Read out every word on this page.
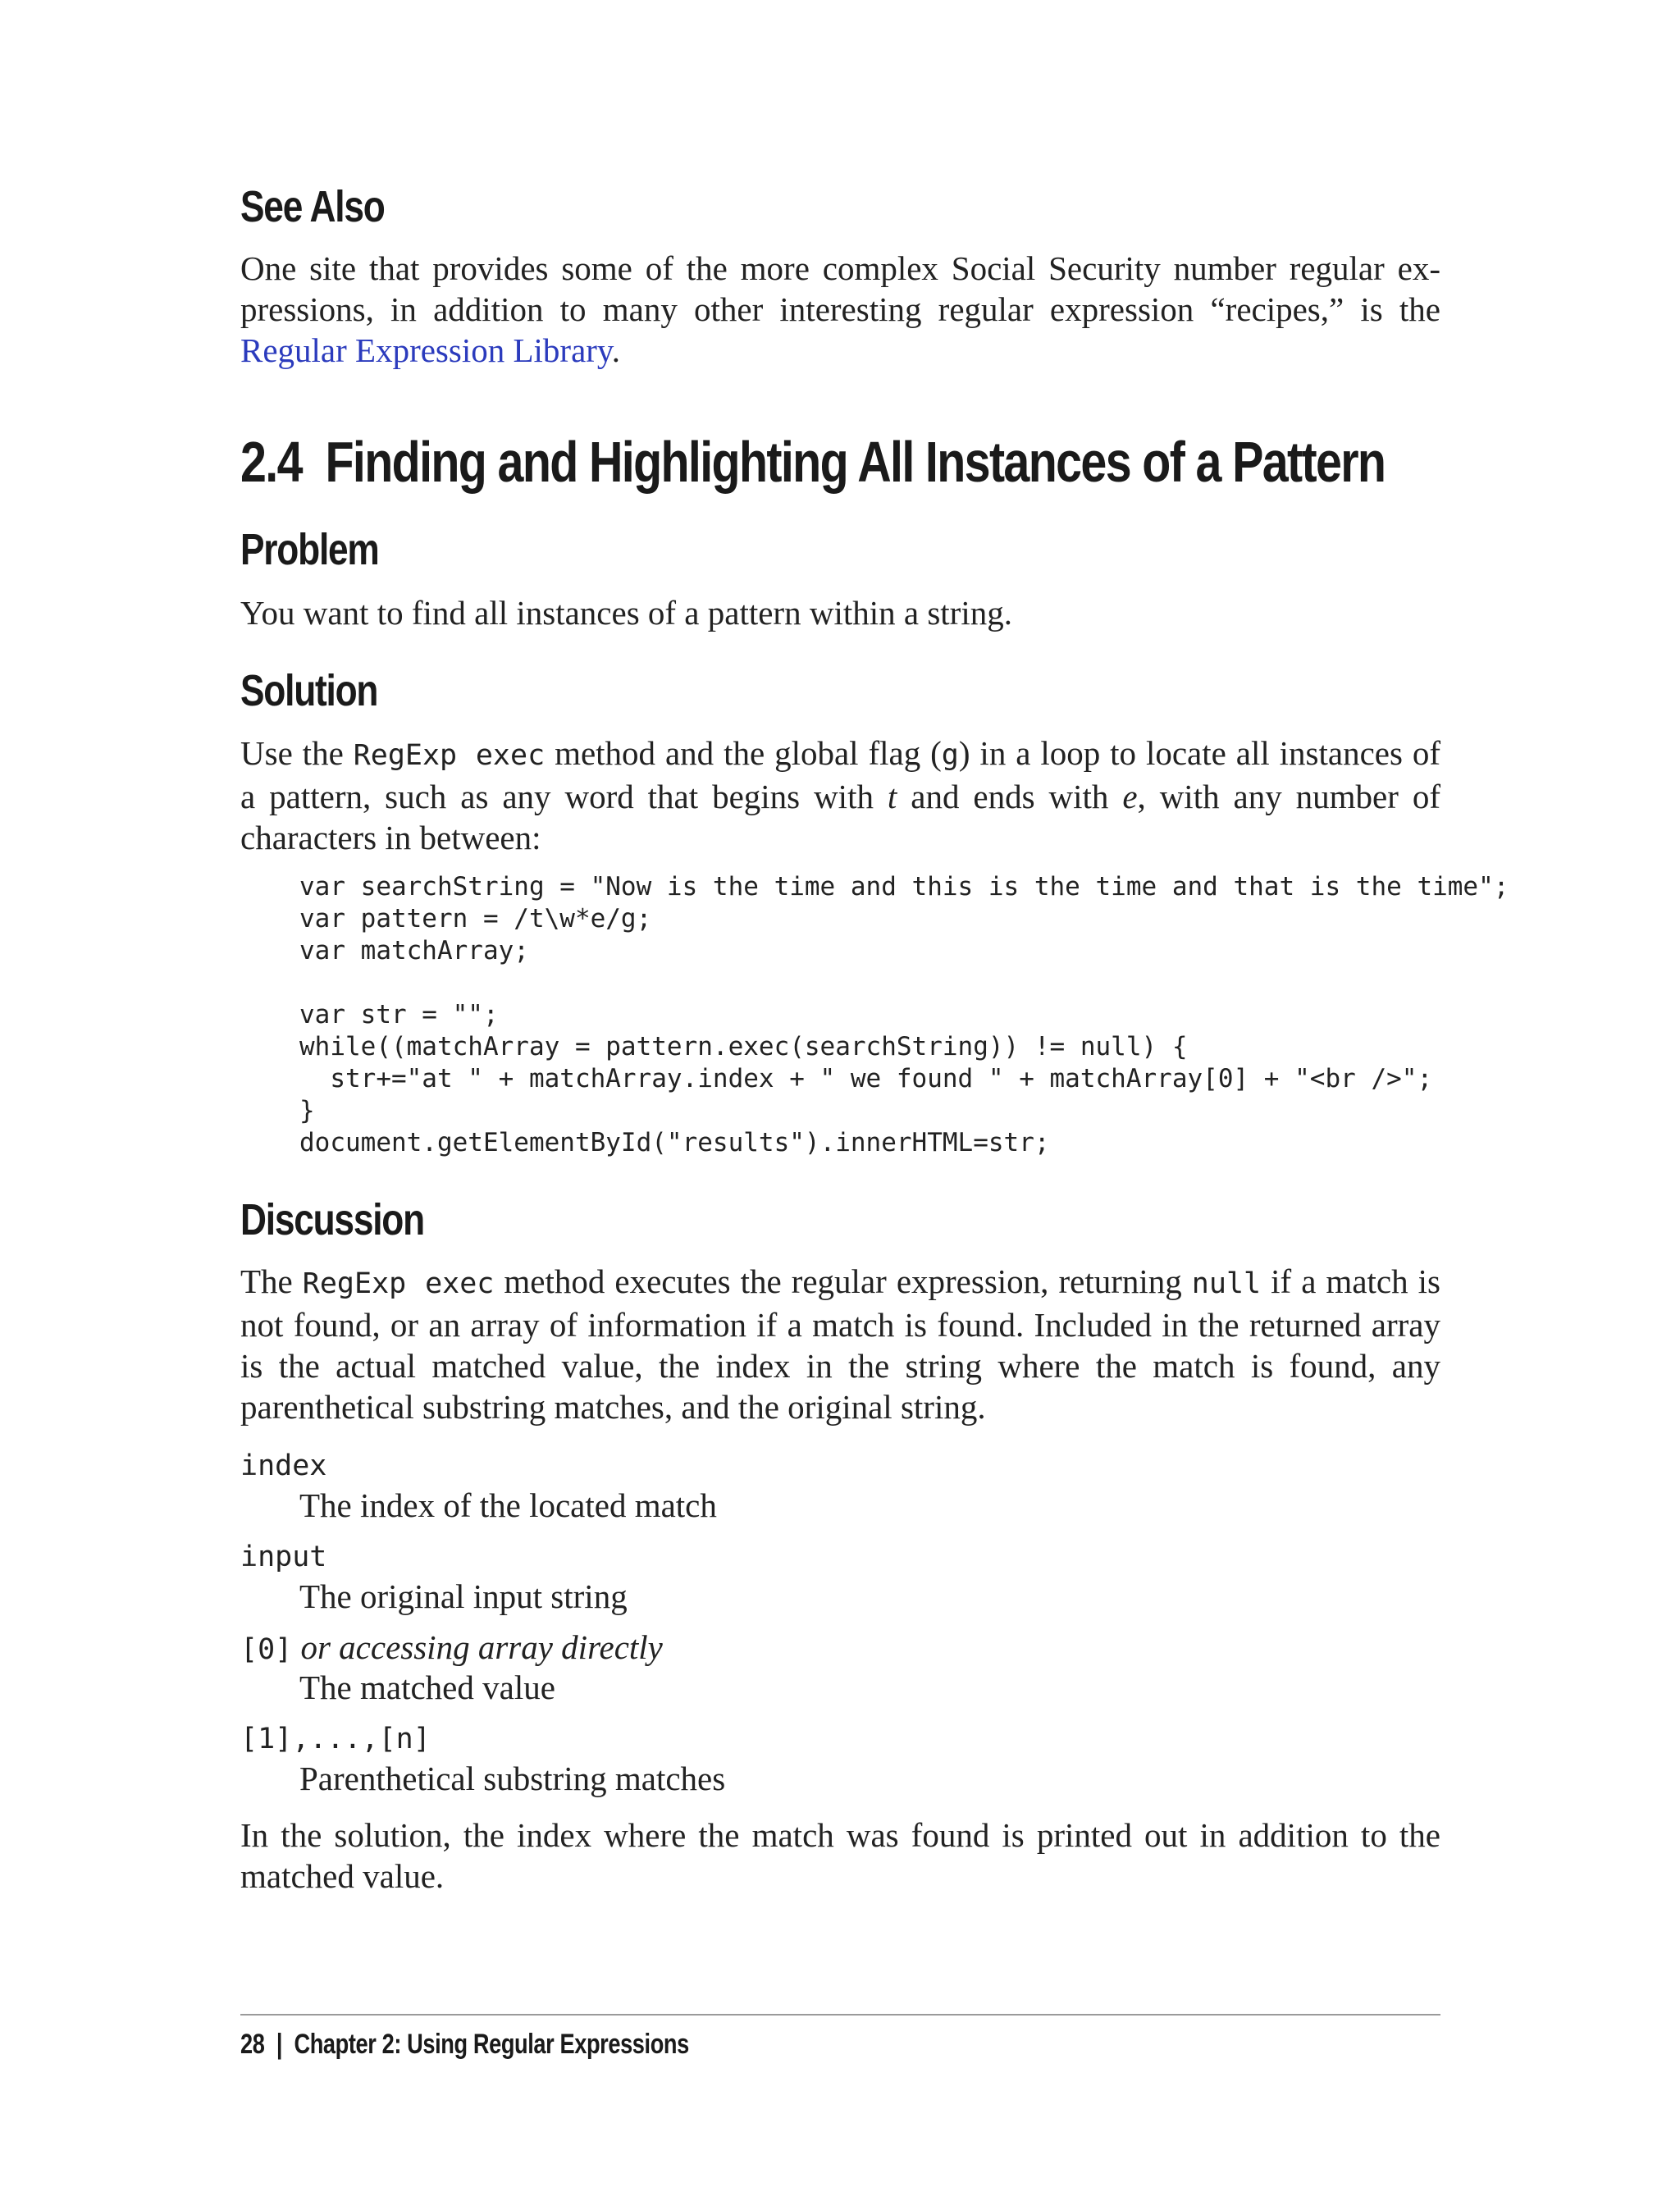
See Also

One site that provides some of the more complex Social Security number regular expressions, in addition to many other interesting regular expression “recipes,” is the Regular Expression Library.

2.4 Finding and Highlighting All Instances of a Pattern
Problem

You want to find all instances of a pattern within a string.

Solution

Use the RegExp exec method and the global flag (g) in a loop to locate all instances of a pattern, such as any word that begins with t and ends with e, with any number of characters in between:

var searchString = "Now is the time and this is the time and that is the time";
var pattern = /t\w*e/g;
var matchArray;

var str = "";
while((matchArray = pattern.exec(searchString)) != null) {
str+="at " + matchArray.index + " we found " + matchArray[0] + "<br />";
}
document.getElementById("results").innerHTML=str;
Discussion

The RegExp exec method executes the regular expression, returning null if a match is not found, or an array of information if a match is found. Included in the returned array is the actual matched value, the index in the string where the match is found, any parenthetical substring matches, and the original string.

index
The index of the located match
input
The original input string
[0] or accessing array directly
The matched value
[1],...,[n]
Parenthetical substring matches

In the solution, the index where the match was found is printed out in addition to the matched value.

28 | Chapter 2: Using Regular Expressions
